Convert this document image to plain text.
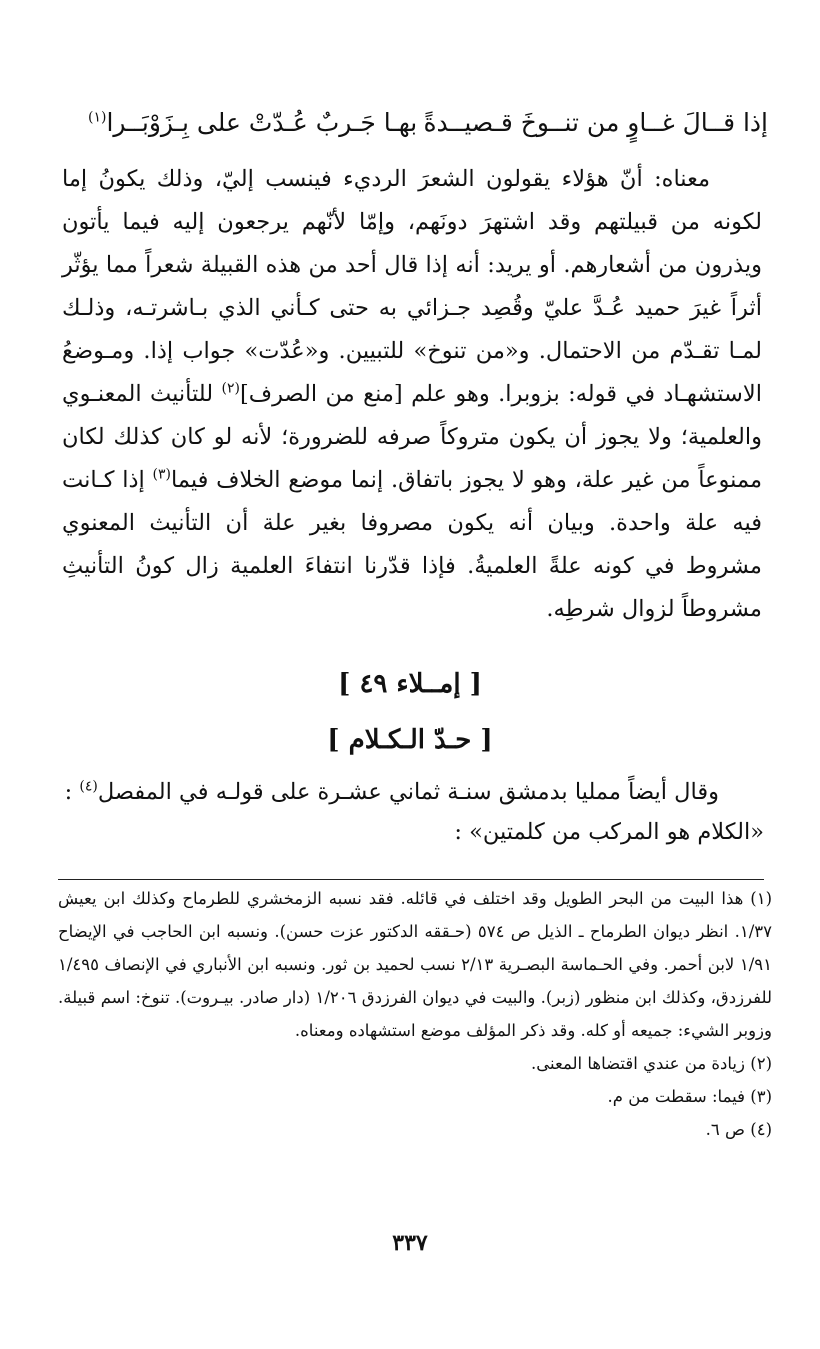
إذا قــالَ غــاوٍ من تنــوخَ قـصيــدةً
بهـا جَـربٌ عُـدّتْ على بِـزَوْبَــرا$^{(١)}$

معناه: أنّ هؤلاء يقولون الشعرَ الرديء فينسب إليّ، وذلك يكونُ إما لكونه من قبيلتهم وقد اشتهرَ دونَهم، وإمّا لأنّهم يرجعون إليه فيما يأتون ويذرون من أشعارهم. أو يريد: أنه إذا قال أحد من هذه القبيلة شعراً مما يؤثّر أثراً غيرَ حميد عُـدَّ عليّ وقُصِد جـزائي به حتى كـأني الذي بـاشرتـه، وذلـك لمـا تقـدّم من الاحتمال. و«من تنوخ» للتبيين. و«عُدّت» جواب إذا. ومـوضعُ الاستشهـاد في قوله: بزوبرا. وهو علم [منع من الصرف]$^{(٢)}$ للتأنيث المعنـوي والعلمية؛ ولا يجوز أن يكون متروكاً صرفه للضرورة؛ لأنه لو كان كذلك لكان ممنوعاً من غير علة، وهو لا يجوز باتفاق. إنما موضع الخلاف فيما$^{(٣)}$ إذا كـانت فيه علة واحدة. وبيان أنه يكون مصروفا بغير علة أن التأنيث المعنوي مشروط في كونه علةً العلميةُ. فإذا قدّرنا انتفاءَ العلمية زال كونُ التأنيثِ مشروطاً لزوال شرطِه.

[ إمــلاء ٤٩ ]
[ حـدّ الـكـلام ]

وقال أيضاً ممليا بدمشق سنـة ثماني عشـرة على قولـه في المفصل$^{(٤)}$ :

«الكلام هو المركب من كلمتين» :

(١) هذا البيت من البحر الطويل وقد اختلف في قائله. فقد نسبه الزمخشري للطرماح وكذلك ابن يعيش ١/٣٧. انظر ديوان الطرماح ـ الذيل ص ٥٧٤ (حـققه الدكتور عزت حسن). ونسبه ابن الحاجب في الإيضاح ١/٩١ لابن أحمر. وفي الحـماسة البصـرية ٢/١٣ نسب لحميد بن ثور. ونسبه ابن الأنباري في الإنصاف ١/٤٩٥ للفرزدق، وكذلك ابن منظور (زبر). والبيت في ديوان الفرزدق ١/٢٠٦ (دار صادر. بيـروت). تنوخ: اسم قبيلة. وزوبر الشيء: جميعه أو كله. وقد ذكر المؤلف موضع استشهاده ومعناه.

(٢) زيادة من عندي اقتضاها المعنى.

(٣) فيما: سقطت من م.

(٤) ص ٦.

٣٣٧
